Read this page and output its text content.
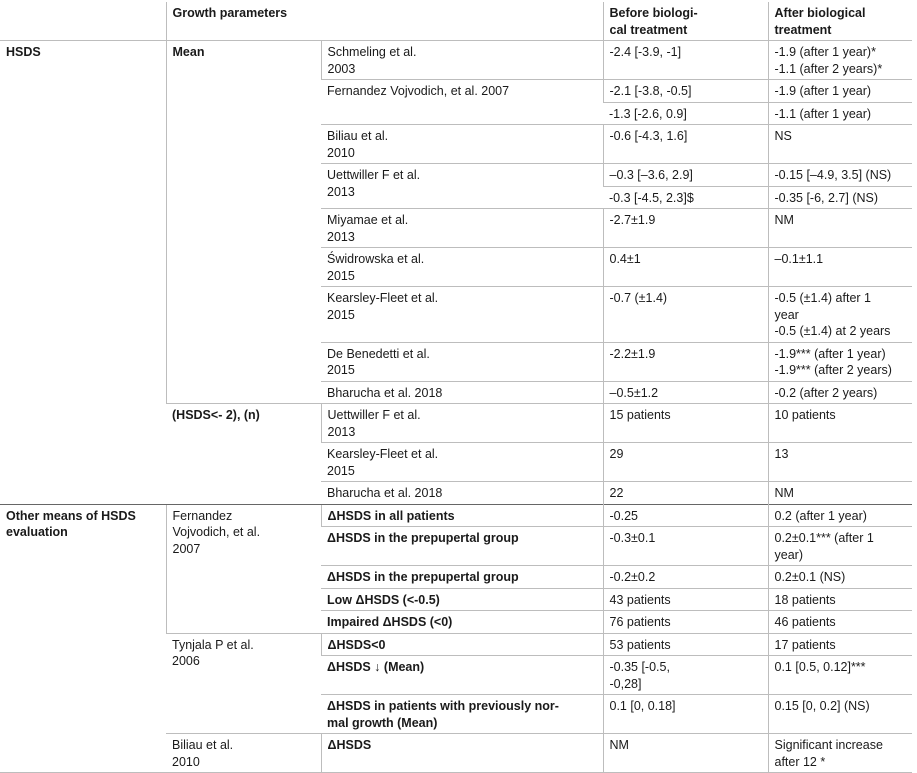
	Growth parameters		Before biologi-
cal treatment	After biological
treatment
HSDS	Mean	Schmeling et al.
2003	-2.4 [-3.9, -1]	-1.9 (after 1 year)*
-1.1 (after 2 years)*
		Fernandez Vojvodich, et al. 2007	-2.1 [-3.8, -0.5]	-1.9 (after 1 year)
			-1.3 [-2.6, 0.9]	-1.1 (after 1 year)
		Biliau et al.
2010	-0.6 [-4.3, 1.6]	NS
		Uettwiller F et al.
2013	–0.3 [–3.6, 2.9]	-0.15 [–4.9, 3.5] (NS)
			-0.3 [-4.5, 2.3]$	-0.35 [-6, 2.7] (NS)
		Miyamae et al.
2013	-2.7±1.9	NM
		Świdrowska et al.
2015	0.4±1	–0.1±1.1
		Kearsley-Fleet et al.
2015	-0.7 (±1.4)	-0.5 (±1.4) after 1
year
-0.5 (±1.4) at 2 years
		De Benedetti et al.
2015	-2.2±1.9	-1.9*** (after 1 year)
-1.9*** (after 2 years)
		Bharucha et al. 2018	–0.5±1.2	-0.2 (after 2 years)
	(HSDS<- 2), (n)	Uettwiller F et al.
2013	15 patients	10 patients
		Kearsley-Fleet et al.
2015	29	13
		Bharucha et al. 2018	22	NM
Other means of HSDS
evaluation	Fernandez
Vojvodich, et al.
2007	ΔHSDS in all patients	-0.25	0.2 (after 1 year)
		ΔHSDS in the prepupertal group	-0.3±0.1	0.2±0.1*** (after 1
year)
		ΔHSDS in the prepupertal group	-0.2±0.2	0.2±0.1 (NS)
		Low ΔHSDS (<-0.5)	43 patients	18 patients
		Impaired ΔHSDS (<0)	76 patients	46 patients
	Tynjala P et al.
2006	ΔHSDS<0	53 patients	17 patients
		ΔHSDS ↓ (Mean)	-0.35 [-0.5,
-0,28]	0.1 [0.5, 0.12]***
		ΔHSDS in patients with previously nor-
mal growth (Mean)	0.1 [0, 0.18]	0.15 [0, 0.2] (NS)
	Biliau et al.
2010	ΔHSDS	NM	Significant increase
after 12 *
